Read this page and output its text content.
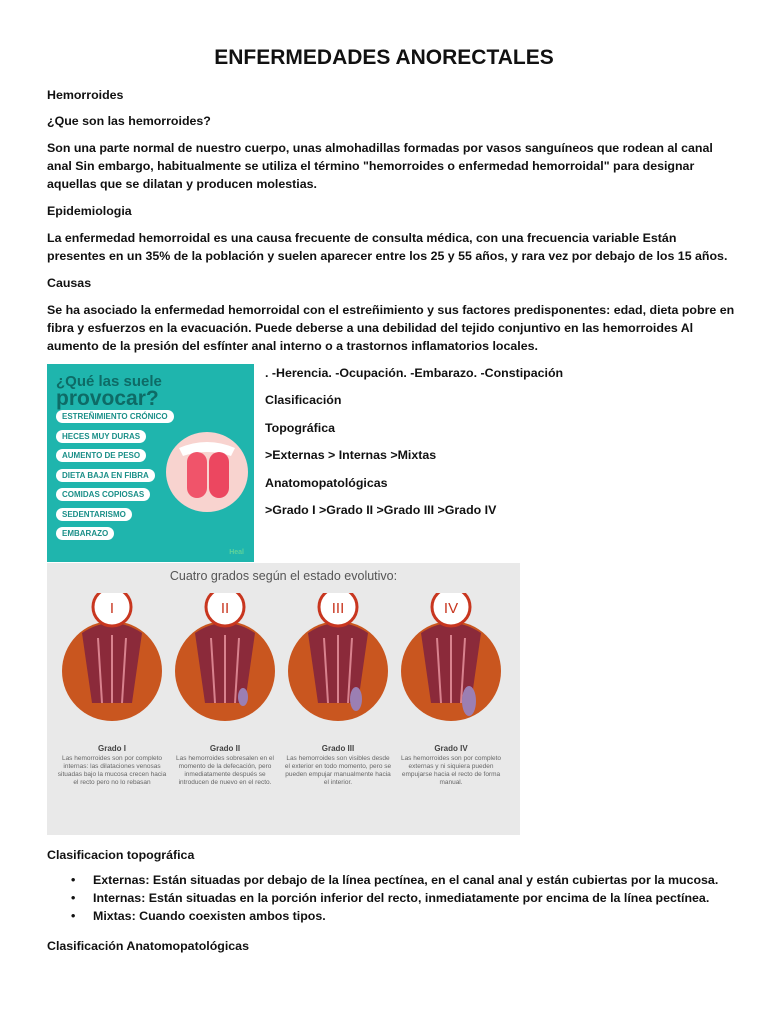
ENFERMEDADES ANORECTALES
Hemorroides
¿Que son las hemorroides?
Son una parte normal de nuestro cuerpo, unas almohadillas formadas por vasos sanguíneos que rodean al canal anal Sin embargo, habitualmente se utiliza el término "hemorroides o enfermedad hemorroidal" para designar aquellas que se dilatan y producen molestias.
Epidemiologia
La enfermedad hemorroidal es una causa frecuente de consulta médica, con una frecuencia variable Están presentes en un 35% de la población y suelen aparecer entre los 25 y 55 años, y rara vez por debajo de los 15 años.
Causas
Se ha asociado la enfermedad hemorroidal con el estreñimiento y sus factores predisponentes: edad, dieta pobre en fibra y esfuerzos en la evacuación. Puede deberse a una debilidad del tejido conjuntivo en las hemorroides Al aumento de la presión del esfínter anal interno o a trastornos inflamatorios locales.
¿Qué las suele
provocar?
ESTREÑIMIENTO CRÓNICO
HECES MUY DURAS
AUMENTO DE PESO
DIETA BAJA EN FIBRA
COMIDAS COPIOSAS
SEDENTARISMO
EMBARAZO
Heal
. -Herencia. -Ocupación. -Embarazo. -Constipación
Clasificación
Topográfica
>Externas > Internas >Mixtas
Anatomopatológicas
>Grado I >Grado II >Grado III >Grado IV
Cuatro grados según el estado evolutivo:
I	II	III	IV
Grado I
Las hemorroides son por completo internas: las dilataciones venosas situadas bajo la mucosa crecen hacia el recto pero no lo rebasan
Grado II
Las hemorroides sobresalen en el momento de la defecación, pero inmediatamente después se introducen de nuevo en el recto.
Grado III
Las hemorroides son visibles desde el exterior en todo momento, pero se pueden empujar manualmente hacia el interior.
Grado IV
Las hemorroides son por completo externas y ni siquiera pueden empujarse hacia el recto de forma manual.
Clasificacion topográfica
• Externas: Están situadas por debajo de la línea pectínea, en el canal anal y están cubiertas por la mucosa.
• Internas: Están situadas en la porción inferior del recto, inmediatamente por encima de la línea pectínea.
• Mixtas: Cuando coexisten ambos tipos.
Clasificación Anatomopatológicas
